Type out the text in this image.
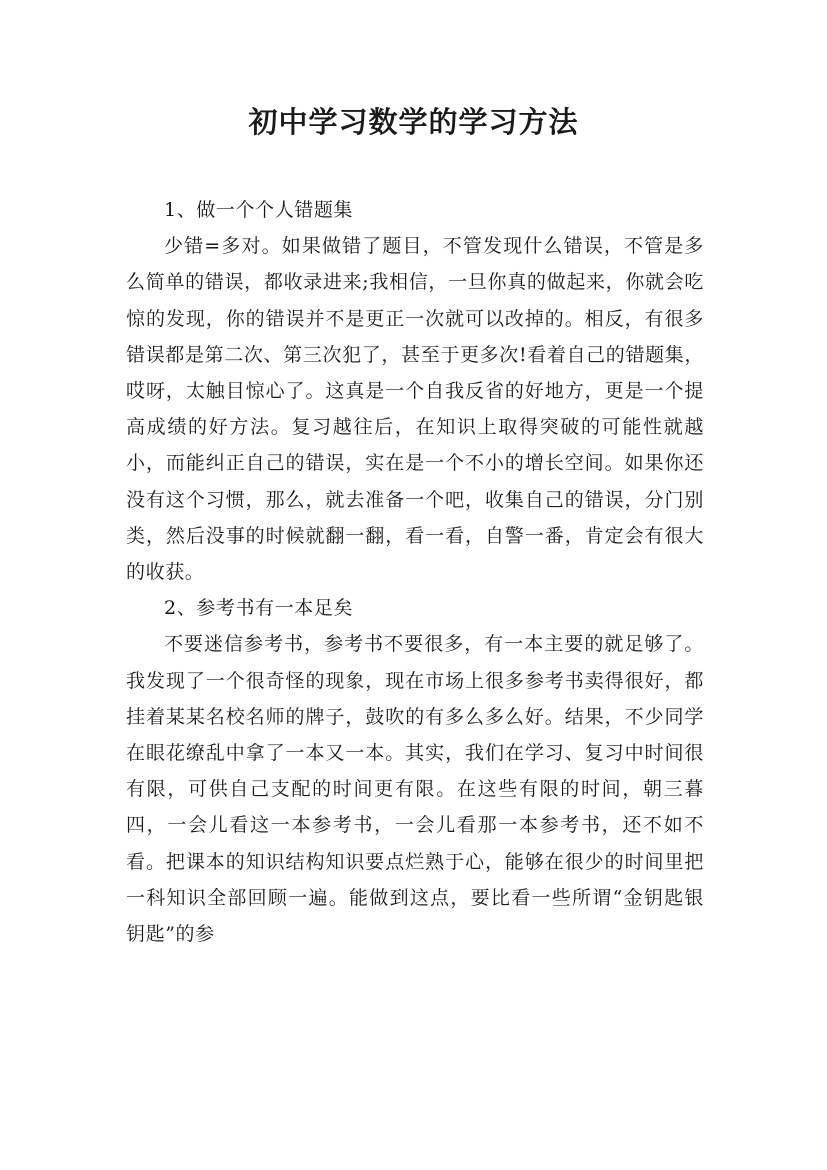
初中学习数学的学习方法

1、做一个个人错题集

少错=多对。如果做错了题目，不管发现什么错误，不管是多么简单的错误，都收录进来;我相信，一旦你真的做起来，你就会吃惊的发现，你的错误并不是更正一次就可以改掉的。相反，有很多错误都是第二次、第三次犯了，甚至于更多次!看着自己的错题集，哎呀，太触目惊心了。这真是一个自我反省的好地方，更是一个提高成绩的好方法。复习越往后，在知识上取得突破的可能性就越小，而能纠正自己的错误，实在是一个不小的增长空间。如果你还没有这个习惯，那么，就去准备一个吧，收集自己的错误，分门别类，然后没事的时候就翻一翻，看一看，自警一番，肯定会有很大的收获。

2、参考书有一本足矣

不要迷信参考书，参考书不要很多，有一本主要的就足够了。我发现了一个很奇怪的现象，现在市场上很多参考书卖得很好，都挂着某某名校名师的牌子，鼓吹的有多么多么好。结果，不少同学在眼花缭乱中拿了一本又一本。其实，我们在学习、复习中时间很有限，可供自己支配的时间更有限。在这些有限的时间，朝三暮四，一会儿看这一本参考书，一会儿看那一本参考书，还不如不看。把课本的知识结构知识要点烂熟于心，能够在很少的时间里把一科知识全部回顾一遍。能做到这点，要比看一些所谓“金钥匙银钥匙”的参
